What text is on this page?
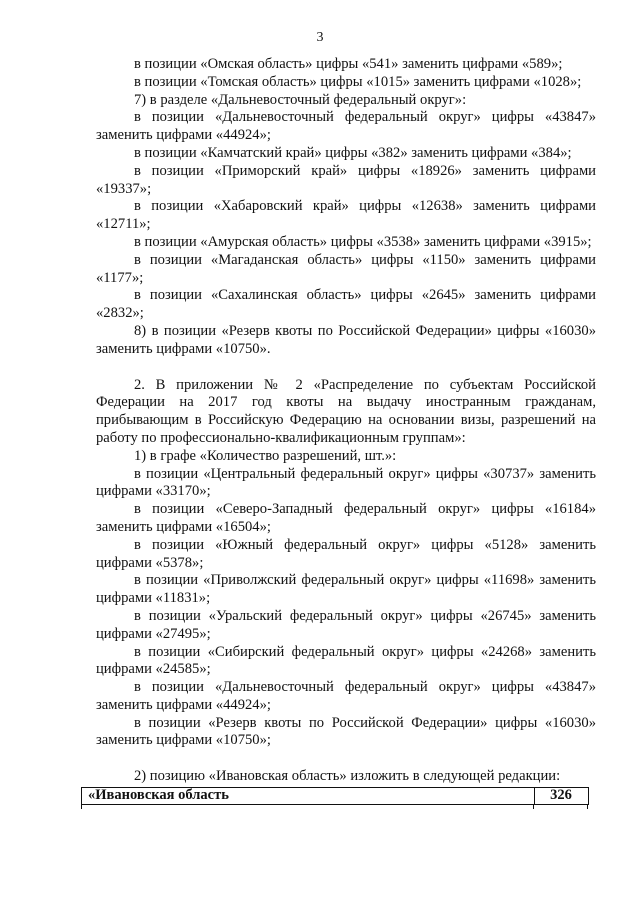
3

в позиции «Омская область» цифры «541» заменить цифрами «589»;

в позиции «Томская область» цифры «1015» заменить цифрами «1028»;

7) в разделе «Дальневосточный федеральный округ»:

в позиции «Дальневосточный федеральный округ» цифры «43847» заменить цифрами «44924»;

в позиции «Камчатский край» цифры «382» заменить цифрами «384»;

в позиции «Приморский край» цифры «18926» заменить цифрами «19337»;

в позиции «Хабаровский край» цифры «12638» заменить цифрами «12711»;

в позиции «Амурская область» цифры «3538» заменить цифрами «3915»;

в позиции «Магаданская область» цифры «1150» заменить цифрами «1177»;

в позиции «Сахалинская область» цифры «2645» заменить цифрами «2832»;

8) в позиции «Резерв квоты по Российской Федерации» цифры «16030» заменить цифрами «10750».

2. В приложении № 2 «Распределение по субъектам Российской Федерации на 2017 год квоты на выдачу иностранным гражданам, прибывающим в Российскую Федерацию на основании визы, разрешений на работу по профессионально-квалификационным группам»:

1) в графе «Количество разрешений, шт.»:

в позиции «Центральный федеральный округ» цифры «30737» заменить цифрами «33170»;

в позиции «Северо-Западный федеральный округ» цифры «16184» заменить цифрами «16504»;

в позиции «Южный федеральный округ» цифры «5128» заменить цифрами «5378»;

в позиции «Приволжский федеральный округ» цифры «11698» заменить цифрами «11831»;

в позиции «Уральский федеральный округ» цифры «26745» заменить цифрами «27495»;

в позиции «Сибирский федеральный округ» цифры «24268» заменить цифрами «24585»;

в позиции «Дальневосточный федеральный округ» цифры «43847» заменить цифрами «44924»;

в позиции «Резерв квоты по Российской Федерации» цифры «16030» заменить цифрами «10750»;

2) позицию «Ивановская область» изложить в следующей редакции:

«Ивановская область	326
